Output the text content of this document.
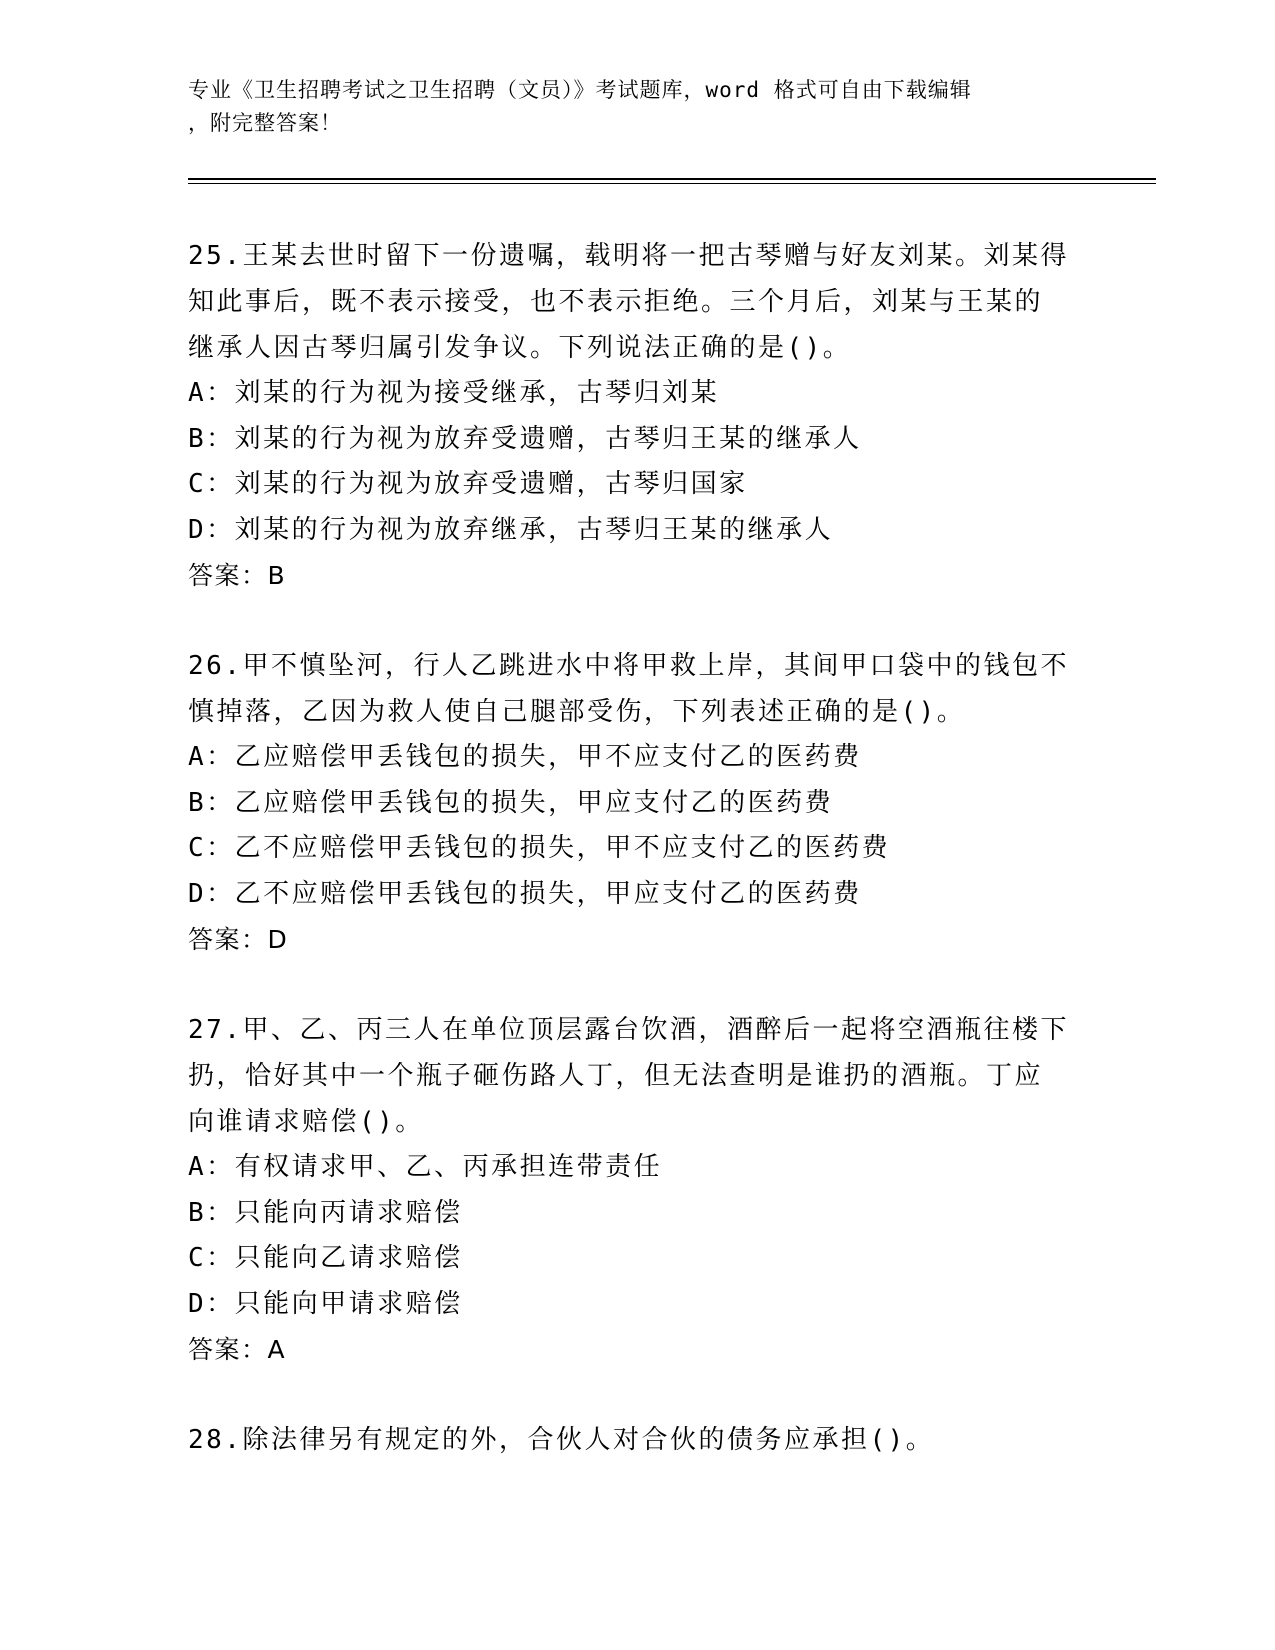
专业《卫生招聘考试之卫生招聘（文员）》考试题库，word 格式可自由下载编辑
，附完整答案！
25.王某去世时留下一份遗嘱，载明将一把古琴赠与好友刘某。刘某得
知此事后，既不表示接受，也不表示拒绝。三个月后，刘某与王某的
继承人因古琴归属引发争议。下列说法正确的是()。
A：刘某的行为视为接受继承，古琴归刘某
B：刘某的行为视为放弃受遗赠，古琴归王某的继承人
C：刘某的行为视为放弃受遗赠，古琴归国家
D：刘某的行为视为放弃继承，古琴归王某的继承人
答案：B
26.甲不慎坠河，行人乙跳进水中将甲救上岸，其间甲口袋中的钱包不
慎掉落，乙因为救人使自己腿部受伤，下列表述正确的是()。
A：乙应赔偿甲丢钱包的损失，甲不应支付乙的医药费
B：乙应赔偿甲丢钱包的损失，甲应支付乙的医药费
C：乙不应赔偿甲丢钱包的损失，甲不应支付乙的医药费
D：乙不应赔偿甲丢钱包的损失，甲应支付乙的医药费
答案：D
27.甲、乙、丙三人在单位顶层露台饮酒，酒醉后一起将空酒瓶往楼下
扔，恰好其中一个瓶子砸伤路人丁，但无法查明是谁扔的酒瓶。丁应
向谁请求赔偿()。
A：有权请求甲、乙、丙承担连带责任
B：只能向丙请求赔偿
C：只能向乙请求赔偿
D：只能向甲请求赔偿
答案：A
28.除法律另有规定的外，合伙人对合伙的债务应承担()。
